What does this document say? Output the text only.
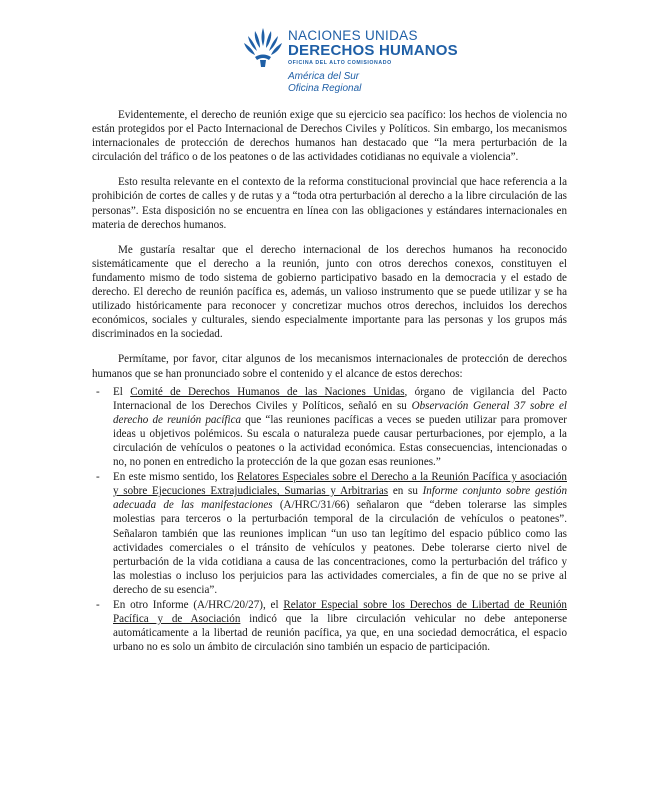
NACIONES UNIDAS
DERECHOS HUMANOS
OFICINA DEL ALTO COMISIONADO
América del Sur
Oficina Regional

Evidentemente, el derecho de reunión exige que su ejercicio sea pacífico: los hechos de violencia no están protegidos por el Pacto Internacional de Derechos Civiles y Políticos. Sin embargo, los mecanismos internacionales de protección de derechos humanos han destacado que “la mera perturbación de la circulación del tráfico o de los peatones o de las actividades cotidianas no equivale a violencia”.

Esto resulta relevante en el contexto de la reforma constitucional provincial que hace referencia a la prohibición de cortes de calles y de rutas y a “toda otra perturbación al derecho a la libre circulación de las personas”. Esta disposición no se encuentra en línea con las obligaciones y estándares internacionales en materia de derechos humanos.

Me gustaría resaltar que el derecho internacional de los derechos humanos ha reconocido sistemáticamente que el derecho a la reunión, junto con otros derechos conexos, constituyen el fundamento mismo de todo sistema de gobierno participativo basado en la democracia y el estado de derecho. El derecho de reunión pacífica es, además, un valioso instrumento que se puede utilizar y se ha utilizado históricamente para reconocer y concretizar muchos otros derechos, incluidos los derechos económicos, sociales y culturales, siendo especialmente importante para las personas y los grupos más discriminados en la sociedad.

Permítame, por favor, citar algunos de los mecanismos internacionales de protección de derechos humanos que se han pronunciado sobre el contenido y el alcance de estos derechos:

- El Comité de Derechos Humanos de las Naciones Unidas, órgano de vigilancia del Pacto Internacional de los Derechos Civiles y Políticos, señaló en su Observación General 37 sobre el derecho de reunión pacífica que “las reuniones pacíficas a veces se pueden utilizar para promover ideas u objetivos polémicos. Su escala o naturaleza puede causar perturbaciones, por ejemplo, a la circulación de vehículos o peatones o la actividad económica. Estas consecuencias, intencionadas o no, no ponen en entredicho la protección de la que gozan esas reuniones.”
- En este mismo sentido, los Relatores Especiales sobre el Derecho a la Reunión Pacífica y asociación y sobre Ejecuciones Extrajudiciales, Sumarias y Arbitrarias en su Informe conjunto sobre gestión adecuada de las manifestaciones (A/HRC/31/66) señalaron que “deben tolerarse las simples molestias para terceros o la perturbación temporal de la circulación de vehículos o peatones”. Señalaron también que las reuniones implican “un uso tan legítimo del espacio público como las actividades comerciales o el tránsito de vehículos y peatones. Debe tolerarse cierto nivel de perturbación de la vida cotidiana a causa de las concentraciones, como la perturbación del tráfico y las molestias o incluso los perjuicios para las actividades comerciales, a fin de que no se prive al derecho de su esencia”.
- En otro Informe (A/HRC/20/27), el Relator Especial sobre los Derechos de Libertad de Reunión Pacífica y de Asociación indicó que la libre circulación vehicular no debe anteponerse automáticamente a la libertad de reunión pacífica, ya que, en una sociedad democrática, el espacio urbano no es solo un ámbito de circulación sino también un espacio de participación.
